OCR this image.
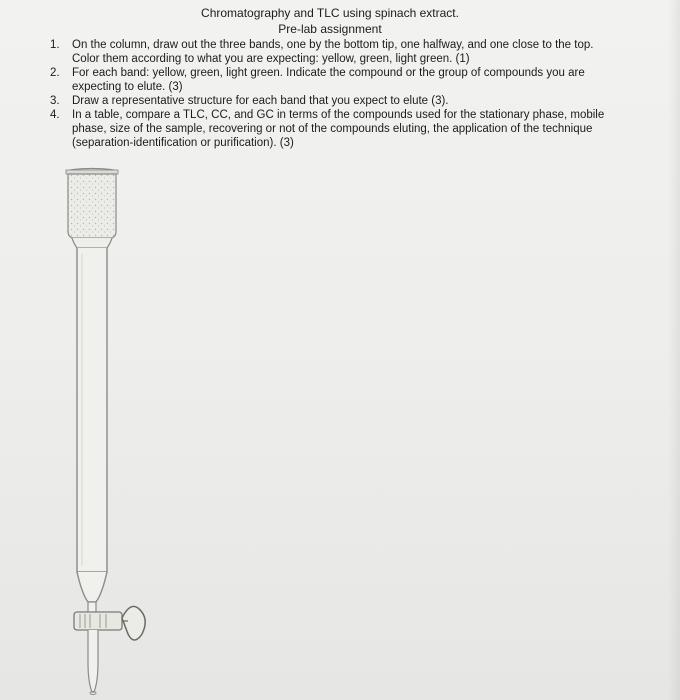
Chromatography and TLC using spinach extract.
Pre-lab assignment
1. On the column, draw out the three bands, one by the bottom tip, one halfway, and one close to the top. Color them according to what you are expecting: yellow, green, light green. (1)
2. For each band: yellow, green, light green. Indicate the compound or the group of compounds you are expecting to elute. (3)
3. Draw a representative structure for each band that you expect to elute (3).
4. In a table, compare a TLC, CC, and GC in terms of the compounds used for the stationary phase, mobile phase, size of the sample, recovering or not of the compounds eluting, the application of the technique (separation-identification or purification). (3)
